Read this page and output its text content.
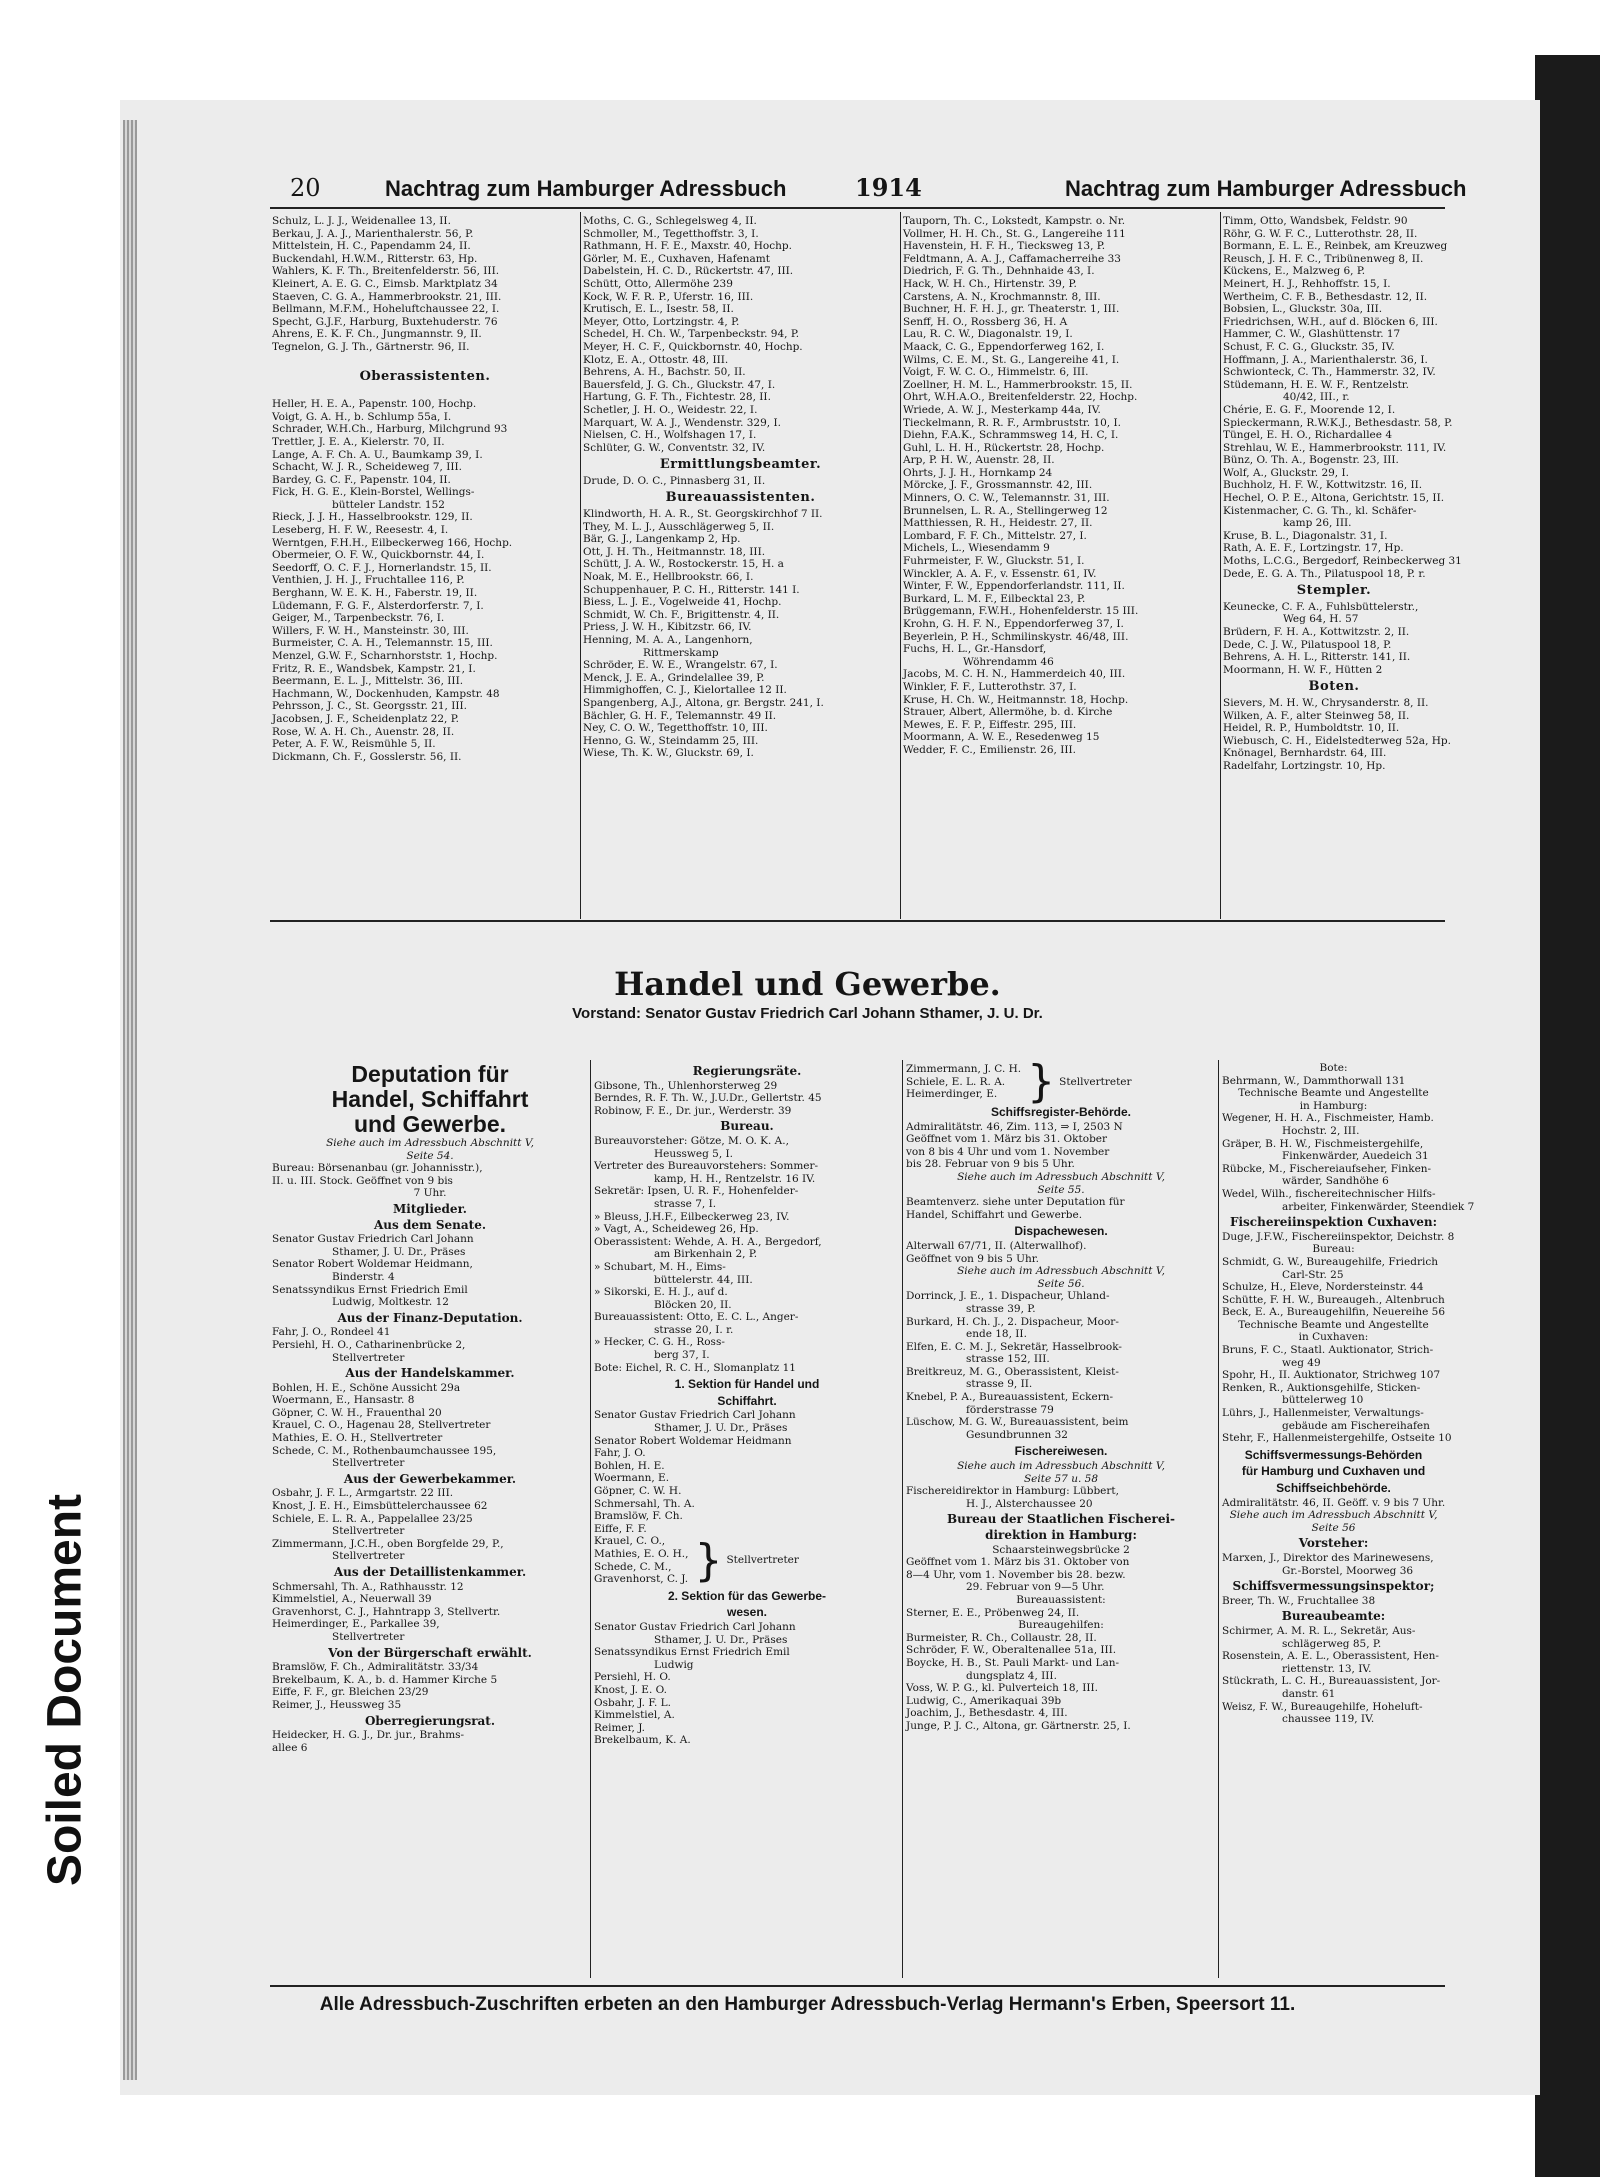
Soiled Document
20	Nachtrag zum Hamburger Adressbuch	1914	Nachtrag zum Hamburger Adressbuch
Schulz, L. J. J., Weidenallee 13, II.
Berkau, J. A. J., Marienthalerstr. 56, P.
Mittelstein, H. C., Papendamm 24, II.
Buckendahl, H.W.M., Ritterstr. 63, Hp.
Wahlers, K. F. Th., Breitenfelderstr. 56, III.
Kleinert, A. E. G. C., Eimsb. Marktplatz 34
Staeven, C. G. A., Hammerbrookstr. 21, III.
Bellmann, M.F.M., Hoheluftchaussee 22, I.
Specht, G.J.F., Harburg, Buxtehuderstr. 76
Ahrens, E. K. F. Ch., Jungmannstr. 9, II.
Tegnelon, G. J. Th., Gärtnerstr. 96, II.
Oberassistenten.
Heller, H. E. A., Papenstr. 100, Hochp.
Voigt, G. A. H., b. Schlump 55a, I.
Schrader, W.H.Ch., Harburg, Milchgrund 93
Trettler, J. E. A., Kielerstr. 70, II.
Lange, A. F. Ch. A. U., Baumkamp 39, I.
Schacht, W. J. R., Scheideweg 7, III.
Bardey, G. C. F., Papenstr. 104, II.
Fick, H. G. E., Klein-Borstel, Wellings-
bütteler Landstr. 152
Rieck, J. J. H., Hasselbrookstr. 129, II.
Leseberg, H. F. W., Reesestr. 4, I.
Werntgen, F.H.H., Eilbeckerweg 166, Hochp.
Obermeier, O. F. W., Quickbornstr. 44, I.
Seedorff, O. C. F. J., Hornerlandstr. 15, II.
Venthien, J. H. J., Fruchtallee 116, P.
Berghann, W. E. K. H., Faberstr. 19, II.
Lüdemann, F. G. F., Alsterdorferstr. 7, I.
Geiger, M., Tarpenbeckstr. 76, I.
Willers, F. W. H., Mansteinstr. 30, III.
Burmeister, C. A. H., Telemannstr. 15, III.
Menzel, G.W. F., Scharnhorststr. 1, Hochp.
Fritz, R. E., Wandsbek, Kampstr. 21, I.
Beermann, E. L. J., Mittelstr. 36, III.
Hachmann, W., Dockenhuden, Kampstr. 48
Pehrsson, J. C., St. Georgsstr. 21, III.
Jacobsen, J. F., Scheidenplatz 22, P.
Rose, W. A. H. Ch., Auenstr. 28, II.
Peter, A. F. W., Reismühle 5, II.
Dickmann, Ch. F., Gosslerstr. 56, II.
Moths, C. G., Schlegelsweg 4, II.
Schmoller, M., Tegetthoffstr. 3, I.
Rathmann, H. F. E., Maxstr. 40, Hochp.
Görler, M. E., Cuxhaven, Hafenamt
Dabelstein, H. C. D., Rückertstr. 47, III.
Schütt, Otto, Allermöhe 239
Kock, W. F. R. P., Uferstr. 16, III.
Krutisch, E. L., Isestr. 58, II.
Meyer, Otto, Lortzingstr. 4, P.
Schedel, H. Ch. W., Tarpenbeckstr. 94, P.
Meyer, H. C. F., Quickbornstr. 40, Hochp.
Klotz, E. A., Ottostr. 48, III.
Behrens, A. H., Bachstr. 50, II.
Bauersfeld, J. G. Ch., Gluckstr. 47, I.
Hartung, G. F. Th., Fichtestr. 28, II.
Schetler, J. H. O., Weidestr. 22, I.
Marquart, W. A. J., Wendenstr. 329, I.
Nielsen, C. H., Wolfshagen 17, I.
Schlüter, G. W., Conventstr. 32, IV.
Ermittlungsbeamter.
Drude, D. O. C., Pinnasberg 31, II.
Bureauassistenten.
Klindworth, H. A. R., St. Georgskirchhof 7 II.
They, M. L. J., Ausschlägerweg 5, II.
Bär, G. J., Langenkamp 2, Hp.
Ott, J. H. Th., Heitmannstr. 18, III.
Schütt, J. A. W., Rostockerstr. 15, H. a
Noak, M. E., Hellbrookstr. 66, I.
Schuppenhauer, P. C. H., Ritterstr. 141 I.
Biess, L. J. E., Vogelweide 41, Hochp.
Schmidt, W. Ch. F., Brigittenstr. 4, II.
Priess, J. W. H., Kibitzstr. 66, IV.
Henning, M. A. A., Langenhorn,
Rittmerskamp
Schröder, E. W. E., Wrangelstr. 67, I.
Menck, J. E. A., Grindelallee 39, P.
Himmighoffen, C. J., Kielortallee 12 II.
Spangenberg, A.J., Altona, gr. Bergstr. 241, I.
Bächler, G. H. F., Telemannstr. 49 II.
Ney, C. O. W., Tegetthoffstr. 10, III.
Henno, G. W., Steindamm 25, III.
Wiese, Th. K. W., Gluckstr. 69, I.
Tauporn, Th. C., Lokstedt, Kampstr. o. Nr.
Vollmer, H. H. Ch., St. G., Langereihe 111
Havenstein, H. F. H., Tiecksweg 13, P.
Feldtmann, A. A. J., Caffamacherreihe 33
Diedrich, F. G. Th., Dehnhaide 43, I.
Hack, W. H. Ch., Hirtenstr. 39, P.
Carstens, A. N., Krochmannstr. 8, III.
Buchner, H. F. H. J., gr. Theaterstr. 1, III.
Senff, H. O., Rossberg 36, H. A
Lau, R. C. W., Diagonalstr. 19, I.
Maack, C. G., Eppendorferweg 162, I.
Wilms, C. E. M., St. G., Langereihe 41, I.
Voigt, F. W. C. O., Himmelstr. 6, III.
Zoellner, H. M. L., Hammerbrookstr. 15, II.
Ohrt, W.H.A.O., Breitenfelderstr. 22, Hochp.
Wriede, A. W. J., Mesterkamp 44a, IV.
Tieckelmann, R. R. F., Armbruststr. 10, I.
Diehn, F.A.K., Schrammsweg 14, H. C, I.
Guhl, L. H. H., Rückertstr. 28, Hochp.
Arp, P. H. W., Auenstr. 28, II.
Ohrts, J. J. H., Hornkamp 24
Mörcke, J. F., Grossmannstr. 42, III.
Minners, O. C. W., Telemannstr. 31, III.
Brunnelsen, L. R. A., Stellingerweg 12
Matthiessen, R. H., Heidestr. 27, II.
Lombard, F. F. Ch., Mittelstr. 27, I.
Michels, L., Wiesendamm 9
Fuhrmeister, F. W., Gluckstr. 51, I.
Winckler, A. A. F., v. Essenstr. 61, IV.
Winter, F. W., Eppendorferlandstr. 111, II.
Burkard, L. M. F., Eilbecktal 23, P.
Brüggemann, F.W.H., Hohenfelderstr. 15 III.
Krohn, G. H. F. N., Eppendorferweg 37, I.
Beyerlein, P. H., Schmilinskystr. 46/48, III.
Fuchs, H. L., Gr.-Hansdorf,
Wöhrendamm 46
Jacobs, M. C. H. N., Hammerdeich 40, III.
Winkler, F. F., Lutterothstr. 37, I.
Kruse, H. Ch. W., Heitmannstr. 18, Hochp.
Strauer, Albert, Allermöhe, b. d. Kirche
Mewes, E. F. P., Eiffestr. 295, III.
Moormann, A. W. E., Resedenweg 15
Wedder, F. C., Emilienstr. 26, III.
Timm, Otto, Wandsbek, Feldstr. 90
Röhr, G. W. F. C., Lutterothstr. 28, II.
Bormann, E. L. E., Reinbek, am Kreuzweg
Reusch, J. H. F. C., Tribünenweg 8, II.
Kückens, E., Malzweg 6, P.
Meinert, H. J., Rehhoffstr. 15, I.
Wertheim, C. F. B., Bethesdastr. 12, II.
Bobsien, L., Gluckstr. 30a, III.
Friedrichsen, W.H., auf d. Blöcken 6, III.
Hammer, C. W., Glashüttenstr. 17
Schust, F. C. G., Gluckstr. 35, IV.
Hoffmann, J. A., Marienthalerstr. 36, I.
Schwionteck, C. Th., Hammerstr. 32, IV.
Stüdemann, H. E. W. F., Rentzelstr.
40/42, III., r.
Chérie, E. G. F., Moorende 12, I.
Spieckermann, R.W.K.J., Bethesdastr. 58, P.
Tüngel, E. H. O., Richardallee 4
Strehlau, W. E., Hammerbrookstr. 111, IV.
Bünz, O. Th. A., Bogenstr. 23, III.
Wolf, A., Gluckstr. 29, I.
Buchholz, H. F. W., Kottwitzstr. 16, II.
Hechel, O. P. E., Altona, Gerichtstr. 15, II.
Kistenmacher, C. G. Th., kl. Schäfer-
kamp 26, III.
Kruse, B. L., Diagonalstr. 31, I.
Rath, A. E. F., Lortzingstr. 17, Hp.
Moths, L.C.G., Bergedorf, Reinbeckerweg 31
Dede, E. G. A. Th., Pilatuspool 18, P. r.
Stempler.
Keunecke, C. F. A., Fuhlsbüttelerstr.,
Weg 64, H. 57
Brüdern, F. H. A., Kottwitzstr. 2, II.
Dede, C. J. W., Pilatuspool 18, P.
Behrens, A. H. L., Ritterstr. 141, II.
Moormann, H. W. F., Hütten 2
Boten.
Sievers, M. H. W., Chrysanderstr. 8, II.
Wilken, A. F., alter Steinweg 58, II.
Heidel, R. P., Humboldtstr. 10, II.
Wiebusch, C. H., Eidelstedterweg 52a, Hp.
Knönagel, Bernhardstr. 64, III.
Radelfahr, Lortzingstr. 10, Hp.
Handel und Gewerbe.
Vorstand: Senator Gustav Friedrich Carl Johann Sthamer, J. U. Dr.
Deputation für
Handel, Schiffahrt
und Gewerbe.
Siehe auch im Adressbuch Abschnitt V,
Seite 54.
Bureau: Börsenanbau (gr. Johannisstr.),
II. u. III. Stock. Geöffnet von 9 bis
7 Uhr.
Mitglieder.
Aus dem Senate.
Senator Gustav Friedrich Carl Johann
Sthamer, J. U. Dr., Präses
Senator Robert Woldemar Heidmann,
Binderstr. 4
Senatssyndikus Ernst Friedrich Emil
Ludwig, Moltkestr. 12
Aus der Finanz-Deputation.
Fahr, J. O., Rondeel 41
Persiehl, H. O., Catharinenbrücke 2,
Stellvertreter
Aus der Handelskammer.
Bohlen, H. E., Schöne Aussicht 29a
Woermann, E., Hansastr. 8
Göpner, C. W. H., Frauenthal 20
Krauel, C. O., Hagenau 28, Stellvertreter
Mathies, E. O. H., Stellvertreter
Schede, C. M., Rothenbaumchaussee 195,
Stellvertreter
Aus der Gewerbekammer.
Osbahr, J. F. L., Armgartstr. 22 III.
Knost, J. E. H., Eimsbüttelerchaussee 62
Schiele, E. L. R. A., Pappelallee 23/25
Stellvertreter
Zimmermann, J.C.H., oben Borgfelde 29, P.,
Stellvertreter
Aus der Detaillistenkammer.
Schmersahl, Th. A., Rathhausstr. 12
Kimmelstiel, A., Neuerwall 39
Gravenhorst, C. J., Hahntrapp 3, Stellvertr.
Heimerdinger, E., Parkallee 39,
Stellvertreter
Von der Bürgerschaft erwählt.
Bramslöw, F. Ch., Admiralitätstr. 33/34
Brekelbaum, K. A., b. d. Hammer Kirche 5
Eiffe, F. F., gr. Bleichen 23/29
Reimer, J., Heussweg 35
Oberregierungsrat.
Heidecker, H. G. J., Dr. jur., Brahms-
allee 6
Regierungsräte.
Gibsone, Th., Uhlenhorsterweg 29
Berndes, R. F. Th. W., J.U.Dr., Gellertstr. 45
Robinow, F. E., Dr. jur., Werderstr. 39
Bureau.
Bureauvorsteher: Götze, M. O. K. A.,
Heussweg 5, I.
Vertreter des Bureauvorstehers: Sommer-
kamp, H. H., Rentzelstr. 16 IV.
Sekretär: Ipsen, U. R. F., Hohenfelder-
strasse 7, I.
» Bleuss, J.H.F., Eilbeckerweg 23, IV.
» Vagt, A., Scheideweg 26, Hp.
Oberassistent: Wehde, A. H. A., Bergedorf,
am Birkenhain 2, P.
» Schubart, M. H., Eims-
büttelerstr. 44, III.
» Sikorski, E. H. J., auf d.
Blöcken 20, II.
Bureauassistent: Otto, E. C. L., Anger-
strasse 20, I. r.
» Hecker, C. G. H., Ross-
berg 37, I.
Bote: Eichel, R. C. H., Slomanplatz 11
1. Sektion für Handel und
Schiffahrt.
Senator Gustav Friedrich Carl Johann
Sthamer, J. U. Dr., Präses
Senator Robert Woldemar Heidmann
Fahr, J. O.
Bohlen, H. E.
Woermann, E.
Göpner, C. W. H.
Schmersahl, Th. A.
Bramslöw, F. Ch.
Eiffe, F. F.
Krauel, C. O.,
Mathies, E. O. H.,
Schede, C. M.,
Gravenhorst, C. J. } Stellvertreter
2. Sektion für das Gewerbe-
wesen.
Senator Gustav Friedrich Carl Johann
Sthamer, J. U. Dr., Präses
Senatssyndikus Ernst Friedrich Emil
Ludwig
Persiehl, H. O.
Knost, J. E. O.
Osbahr, J. F. L.
Kimmelstiel, A.
Reimer, J.
Brekelbaum, K. A.
Zimmermann, J. C. H.
Schiele, E. L. R. A.
Heimerdinger, E. } Stellvertreter
Schiffsregister-Behörde.
Admiralitätstr. 46, Zim. 113, ⇒ I, 2503 N
Geöffnet vom 1. März bis 31. Oktober
von 8 bis 4 Uhr und vom 1. November
bis 28. Februar von 9 bis 5 Uhr.
Siehe auch im Adressbuch Abschnitt V,
Seite 55.
Beamtenverz. siehe unter Deputation für
Handel, Schiffahrt und Gewerbe.
Dispachewesen.
Alterwall 67/71, II. (Alterwallhof).
Geöffnet von 9 bis 5 Uhr.
Siehe auch im Adressbuch Abschnitt V,
Seite 56.
Dorrinck, J. E., 1. Dispacheur, Uhland-
strasse 39, P.
Burkard, H. Ch. J., 2. Dispacheur, Moor-
ende 18, II.
Elfen, E. C. M. J., Sekretär, Hasselbrook-
strasse 152, III.
Breitkreuz, M. G., Oberassistent, Kleist-
strasse 9, II.
Knebel, P. A., Bureauassistent, Eckern-
förderstrasse 79
Lüschow, M. G. W., Bureauassistent, beim
Gesundbrunnen 32
Fischereiwesen.
Siehe auch im Adressbuch Abschnitt V,
Seite 57 u. 58
Fischereidirektor in Hamburg: Lübbert,
H. J., Alsterchaussee 20
Bureau der Staatlichen Fischerei-
direktion in Hamburg:
Schaarsteinwegsbrücke 2
Geöffnet vom 1. März bis 31. Oktober von
8—4 Uhr, vom 1. November bis 28. bezw.
29. Februar von 9—5 Uhr.
Bureauassistent:
Sterner, E. E., Pröbenweg 24, II.
Bureaugehilfen:
Burmeister, R. Ch., Collaustr. 28, II.
Schröder, F. W., Oberaltenallee 51a, III.
Boycke, H. B., St. Pauli Markt- und Lan-
dungsplatz 4, III.
Voss, W. P. G., kl. Pulverteich 18, III.
Ludwig, C., Amerikaquai 39b
Joachim, J., Bethesdastr. 4, III.
Junge, P. J. C., Altona, gr. Gärtnerstr. 25, I.
Bote:
Behrmann, W., Dammthorwall 131
Technische Beamte und Angestellte
in Hamburg:
Wegener, H. H. A., Fischmeister, Hamb.
Hochstr. 2, III.
Gräper, B. H. W., Fischmeistergehilfe,
Finkenwärder, Auedeich 31
Rübcke, M., Fischereiaufseher, Finken-
wärder, Sandhöhe 6
Wedel, Wilh., fischereitechnischer Hilfs-
arbeiter, Finkenwärder, Steendiek 7
Fischereiinspektion Cuxhaven:
Duge, J.F.W., Fischereiinspektor, Deichstr. 8
Bureau:
Schmidt, G. W., Bureaugehilfe, Friedrich
Carl-Str. 25
Schulze, H., Eleve, Nordersteinstr. 44
Schütte, F. H. W., Bureaugeh., Altenbruch
Beck, E. A., Bureaugehilfin, Neuereihe 56
Technische Beamte und Angestellte
in Cuxhaven:
Bruns, F. C., Staatl. Auktionator, Strich-
weg 49
Spohr, H., II. Auktionator, Strichweg 107
Renken, R., Auktionsgehilfe, Sticken-
büttelerweg 10
Lührs, J., Hallenmeister, Verwaltungs-
gebäude am Fischereihafen
Stehr, F., Hallenmeistergehilfe, Ostseite 10
Schiffsvermessungs-Behörden
für Hamburg und Cuxhaven und
Schiffseichbehörde.
Admiralitätstr. 46, II. Geöff. v. 9 bis 7 Uhr.
Siehe auch im Adressbuch Abschnitt V,
Seite 56
Vorsteher:
Marxen, J., Direktor des Marinewesens,
Gr.-Borstel, Moorweg 36
Schiffsvermessungsinspektor;
Breer, Th. W., Fruchtallee 38
Bureaubeamte:
Schirmer, A. M. R. L., Sekretär, Aus-
schlägerweg 85, P.
Rosenstein, A. E. L., Oberassistent, Hen-
riettenstr. 13, IV.
Stückrath, L. C. H., Bureauassistent, Jor-
danstr. 61
Weisz, F. W., Bureaugehilfe, Hoheluft-
chaussee 119, IV.
Alle Adressbuch-Zuschriften erbeten an den Hamburger Adressbuch-Verlag Hermann's Erben, Speersort 11.
